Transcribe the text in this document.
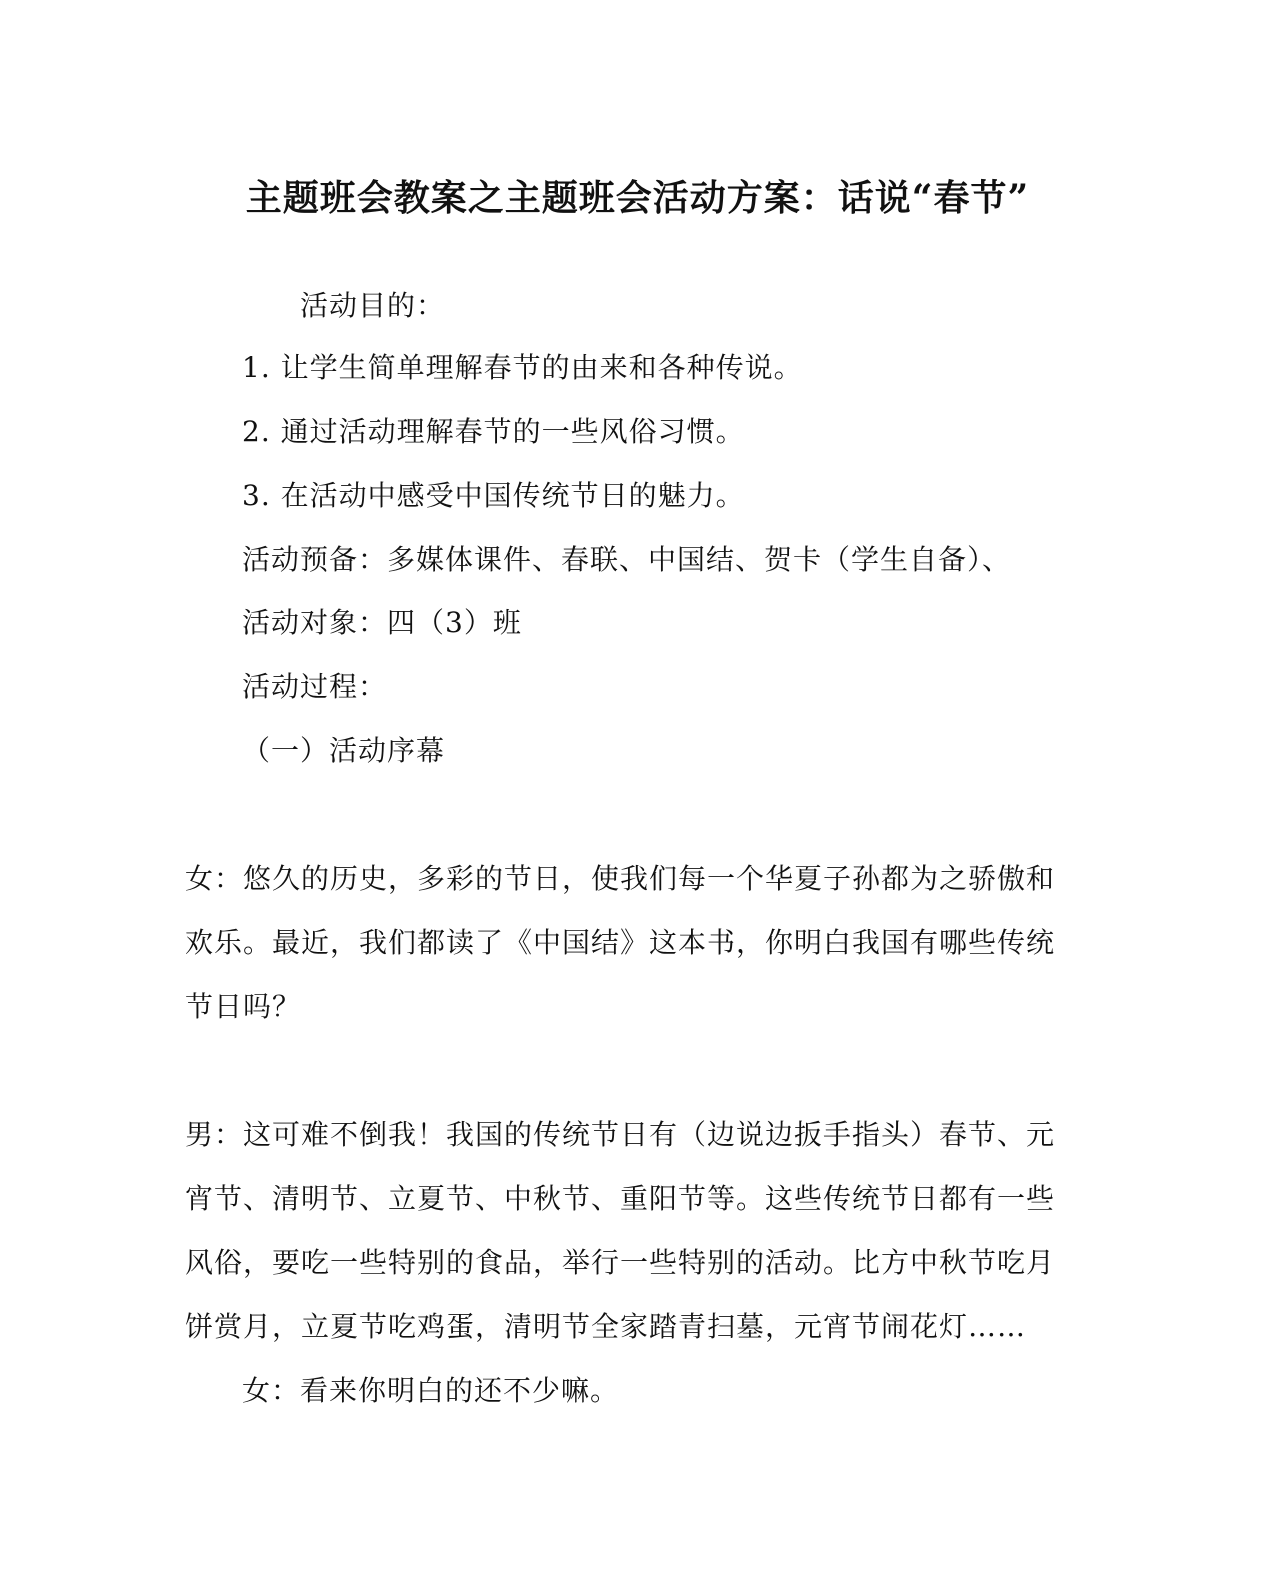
主题班会教案之主题班会活动方案：话说“春节”
活动目的：
1. 让学生简单理解春节的由来和各种传说。
2. 通过活动理解春节的一些风俗习惯。
3. 在活动中感受中国传统节日的魅力。
活动预备：多媒体课件、春联、中国结、贺卡（学生自备）、
活动对象：四（3）班
活动过程：
（一）活动序幕
女：悠久的历史，多彩的节日，使我们每一个华夏子孙都为之骄傲和
欢乐。最近，我们都读了《中国结》这本书，你明白我国有哪些传统
节日吗？
男：这可难不倒我！我国的传统节日有（边说边扳手指头）春节、元
宵节、清明节、立夏节、中秋节、重阳节等。这些传统节日都有一些
风俗，要吃一些特别的食品，举行一些特别的活动。比方中秋节吃月
饼赏月，立夏节吃鸡蛋，清明节全家踏青扫墓，元宵节闹花灯……
女：看来你明白的还不少嘛。
